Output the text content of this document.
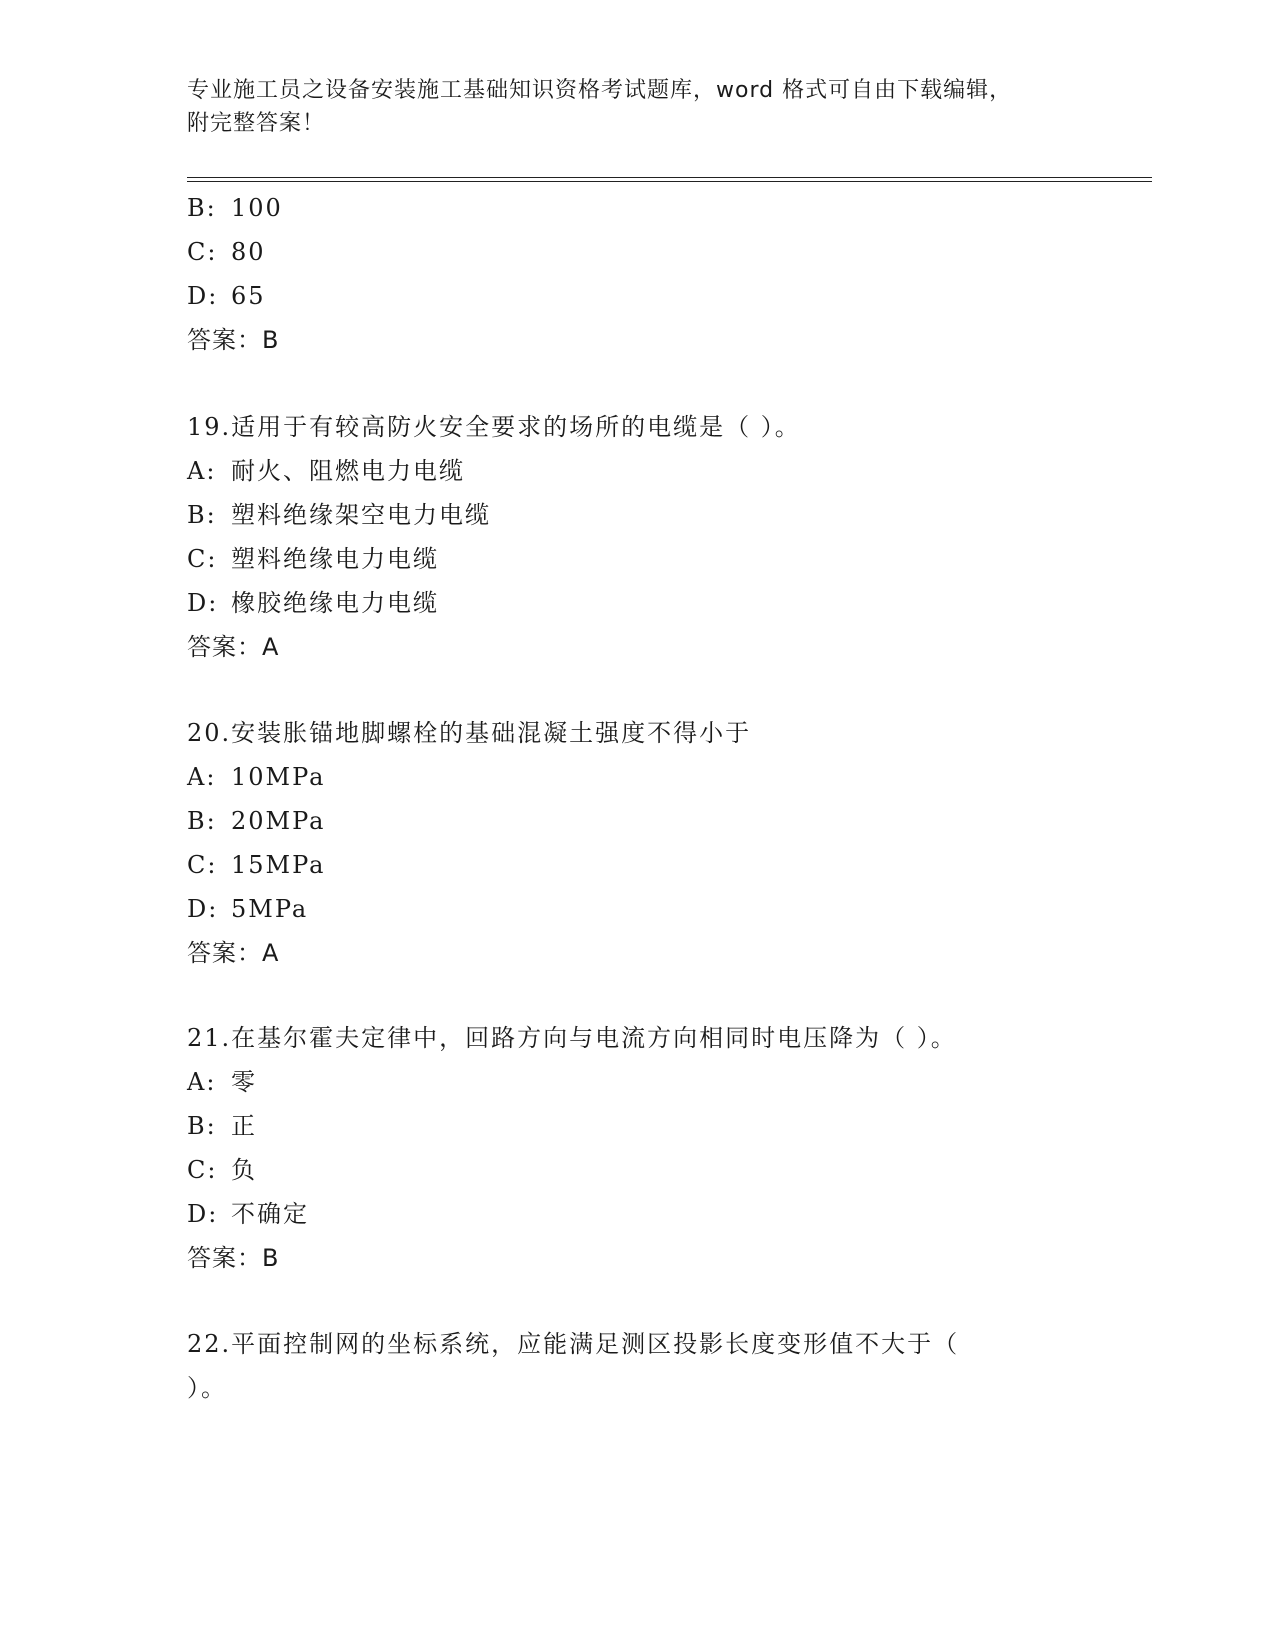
专业施工员之设备安装施工基础知识资格考试题库，word 格式可自由下载编辑，
附完整答案！
B: 100
C: 80
D: 65
答案：B
19.适用于有较高防火安全要求的场所的电缆是（ ）。
A: 耐火、阻燃电力电缆
B: 塑料绝缘架空电力电缆
C: 塑料绝缘电力电缆
D: 橡胶绝缘电力电缆
答案：A
20.安装胀锚地脚螺栓的基础混凝土强度不得小于
A: 10MPa
B: 20MPa
C: 15MPa
D: 5MPa
答案：A
21.在基尔霍夫定律中，回路方向与电流方向相同时电压降为（ ）。
A: 零
B: 正
C: 负
D: 不确定
答案：B
22.平面控制网的坐标系统，应能满足测区投影长度变形值不大于（
）。
